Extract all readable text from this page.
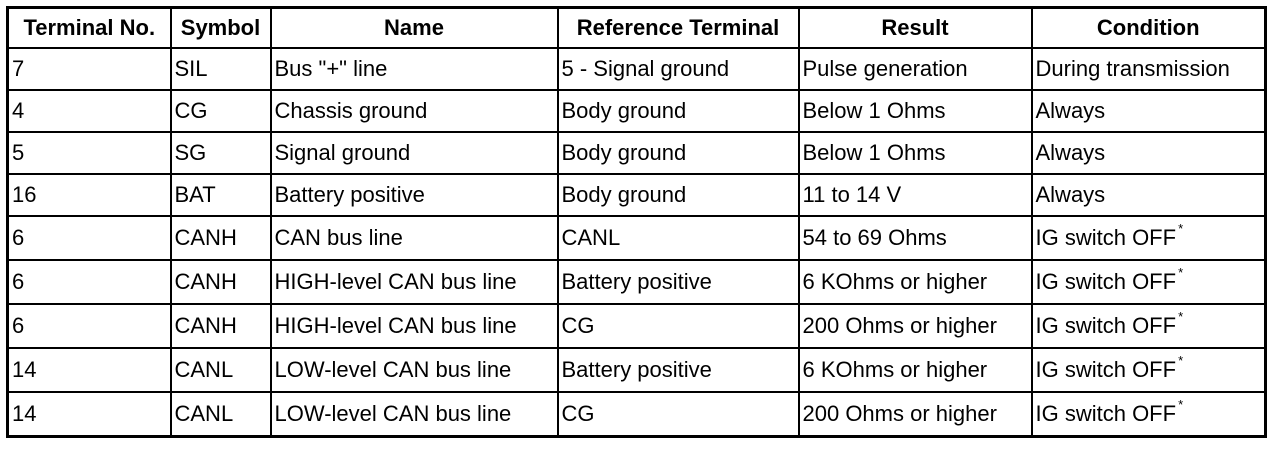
Terminal No.	Symbol	Name	Reference Terminal	Result	Condition
7	SIL	Bus "+" line	5 - Signal ground	Pulse generation	During transmission
4	CG	Chassis ground	Body ground	Below 1 Ohms	Always
5	SG	Signal ground	Body ground	Below 1 Ohms	Always
16	BAT	Battery positive	Body ground	11 to 14 V	Always
6	CANH	CAN bus line	CANL	54 to 69 Ohms	IG switch OFF *
6	CANH	HIGH-level CAN bus line	Battery positive	6 KOhms or higher	IG switch OFF *
6	CANH	HIGH-level CAN bus line	CG	200 Ohms or higher	IG switch OFF *
14	CANL	LOW-level CAN bus line	Battery positive	6 KOhms or higher	IG switch OFF *
14	CANL	LOW-level CAN bus line	CG	200 Ohms or higher	IG switch OFF *
